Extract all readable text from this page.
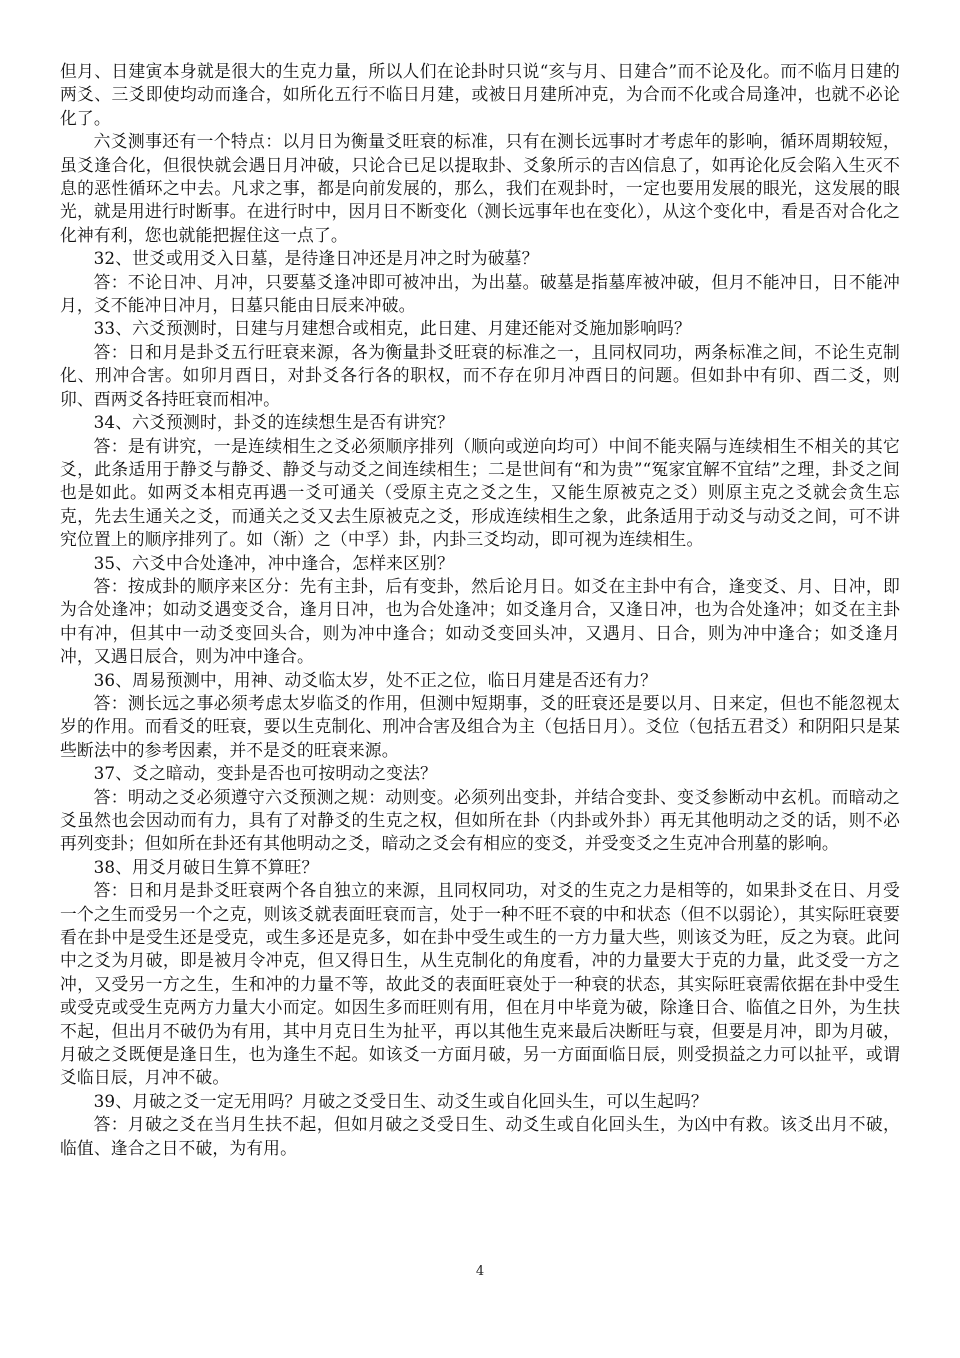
但月、日建寅本身就是很大的生克力量，所以人们在论卦时只说“亥与月、日建合”而不论及化。而不临月日建的两爻、三爻即使均动而逢合，如所化五行不临日月建，或被日月建所冲克，为合而不化或合局逢冲，也就不必论化了。

六爻测事还有一个特点：以月日为衡量爻旺衰的标准，只有在测长远事时才考虑年的影响，循环周期较短，虽爻逢合化，但很快就会遇日月冲破，只论合已足以提取卦、爻象所示的吉凶信息了，如再论化反会陷入生灭不息的恶性循环之中去。凡求之事，都是向前发展的，那么，我们在观卦时，一定也要用发展的眼光，这发展的眼光，就是用进行时断事。在进行时中，因月日不断变化（测长远事年也在变化），从这个变化中，看是否对合化之化神有利，您也就能把握住这一点了。

32、世爻或用爻入日墓，是待逢日冲还是月冲之时为破墓？

答：不论日冲、月冲，只要墓爻逢冲即可被冲出，为出墓。破墓是指墓库被冲破，但月不能冲日，日不能冲月，爻不能冲日冲月，日墓只能由日辰来冲破。

33、六爻预测时，日建与月建想合或相克，此日建、月建还能对爻施加影响吗？

答：日和月是卦爻五行旺衰来源，各为衡量卦爻旺衰的标准之一，且同权同功，两条标准之间，不论生克制化、刑冲合害。如卯月酉日，对卦爻各行各的职权，而不存在卯月冲酉日的问题。但如卦中有卯、酉二爻，则卯、酉两爻各持旺衰而相冲。

34、六爻预测时，卦爻的连续想生是否有讲究？

答：是有讲究，一是连续相生之爻必须顺序排列（顺向或逆向均可）中间不能夹隔与连续相生不相关的其它爻，此条适用于静爻与静爻、静爻与动爻之间连续相生；二是世间有“和为贵”“冤家宜解不宜结”之理，卦爻之间也是如此。如两爻本相克再遇一爻可通关（受原主克之爻之生，又能生原被克之爻）则原主克之爻就会贪生忘克，先去生通关之爻，而通关之爻又去生原被克之爻，形成连续相生之象，此条适用于动爻与动爻之间，可不讲究位置上的顺序排列了。如（渐）之（中孚）卦，内卦三爻均动，即可视为连续相生。

35、六爻中合处逢冲，冲中逢合，怎样来区别？

答：按成卦的顺序来区分：先有主卦，后有变卦，然后论月日。如爻在主卦中有合，逢变爻、月、日冲，即为合处逢冲；如动爻遇变爻合，逢月日冲，也为合处逢冲；如爻逢月合，又逢日冲，也为合处逢冲；如爻在主卦中有冲，但其中一动爻变回头合，则为冲中逢合；如动爻变回头冲，又遇月、日合，则为冲中逢合；如爻逢月冲，又遇日辰合，则为冲中逢合。

36、周易预测中，用神、动爻临太岁，处不正之位，临日月建是否还有力？

答：测长远之事必须考虑太岁临爻的作用，但测中短期事，爻的旺衰还是要以月、日来定，但也不能忽视太岁的作用。而看爻的旺衰，要以生克制化、刑冲合害及组合为主（包括日月）。爻位（包括五君爻）和阴阳只是某些断法中的参考因素，并不是爻的旺衰来源。

37、爻之暗动，变卦是否也可按明动之变法？

答：明动之爻必须遵守六爻预测之规：动则变。必须列出变卦，并结合变卦、变爻参断动中玄机。而暗动之爻虽然也会因动而有力，具有了对静爻的生克之权，但如所在卦（内卦或外卦）再无其他明动之爻的话，则不必再列变卦；但如所在卦还有其他明动之爻，暗动之爻会有相应的变爻，并受变爻之生克冲合刑墓的影响。

38、用爻月破日生算不算旺？

答：日和月是卦爻旺衰两个各自独立的来源，且同权同功，对爻的生克之力是相等的，如果卦爻在日、月受一个之生而受另一个之克，则该爻就表面旺衰而言，处于一种不旺不衰的中和状态（但不以弱论），其实际旺衰要看在卦中是受生还是受克，或生多还是克多，如在卦中受生或生的一方力量大些，则该爻为旺，反之为衰。此问中之爻为月破，即是被月令冲克，但又得日生，从生克制化的角度看，冲的力量要大于克的力量，此爻受一方之冲，又受另一方之生，生和冲的力量不等，故此爻的表面旺衰处于一种衰的状态，其实际旺衰需依据在卦中受生或受克或受生克两方力量大小而定。如因生多而旺则有用，但在月中毕竟为破，除逢日合、临值之日外，为生扶不起，但出月不破仍为有用，其中月克日生为扯平，再以其他生克来最后决断旺与衰，但要是月冲，即为月破，月破之爻既便是逢日生，也为逢生不起。如该爻一方面月破，另一方面面临日辰，则受损益之力可以扯平，或谓爻临日辰，月冲不破。

39、月破之爻一定无用吗？月破之爻受日生、动爻生或自化回头生，可以生起吗？

答：月破之爻在当月生扶不起，但如月破之爻受日生、动爻生或自化回头生，为凶中有救。该爻出月不破，临值、逢合之日不破，为有用。

4
